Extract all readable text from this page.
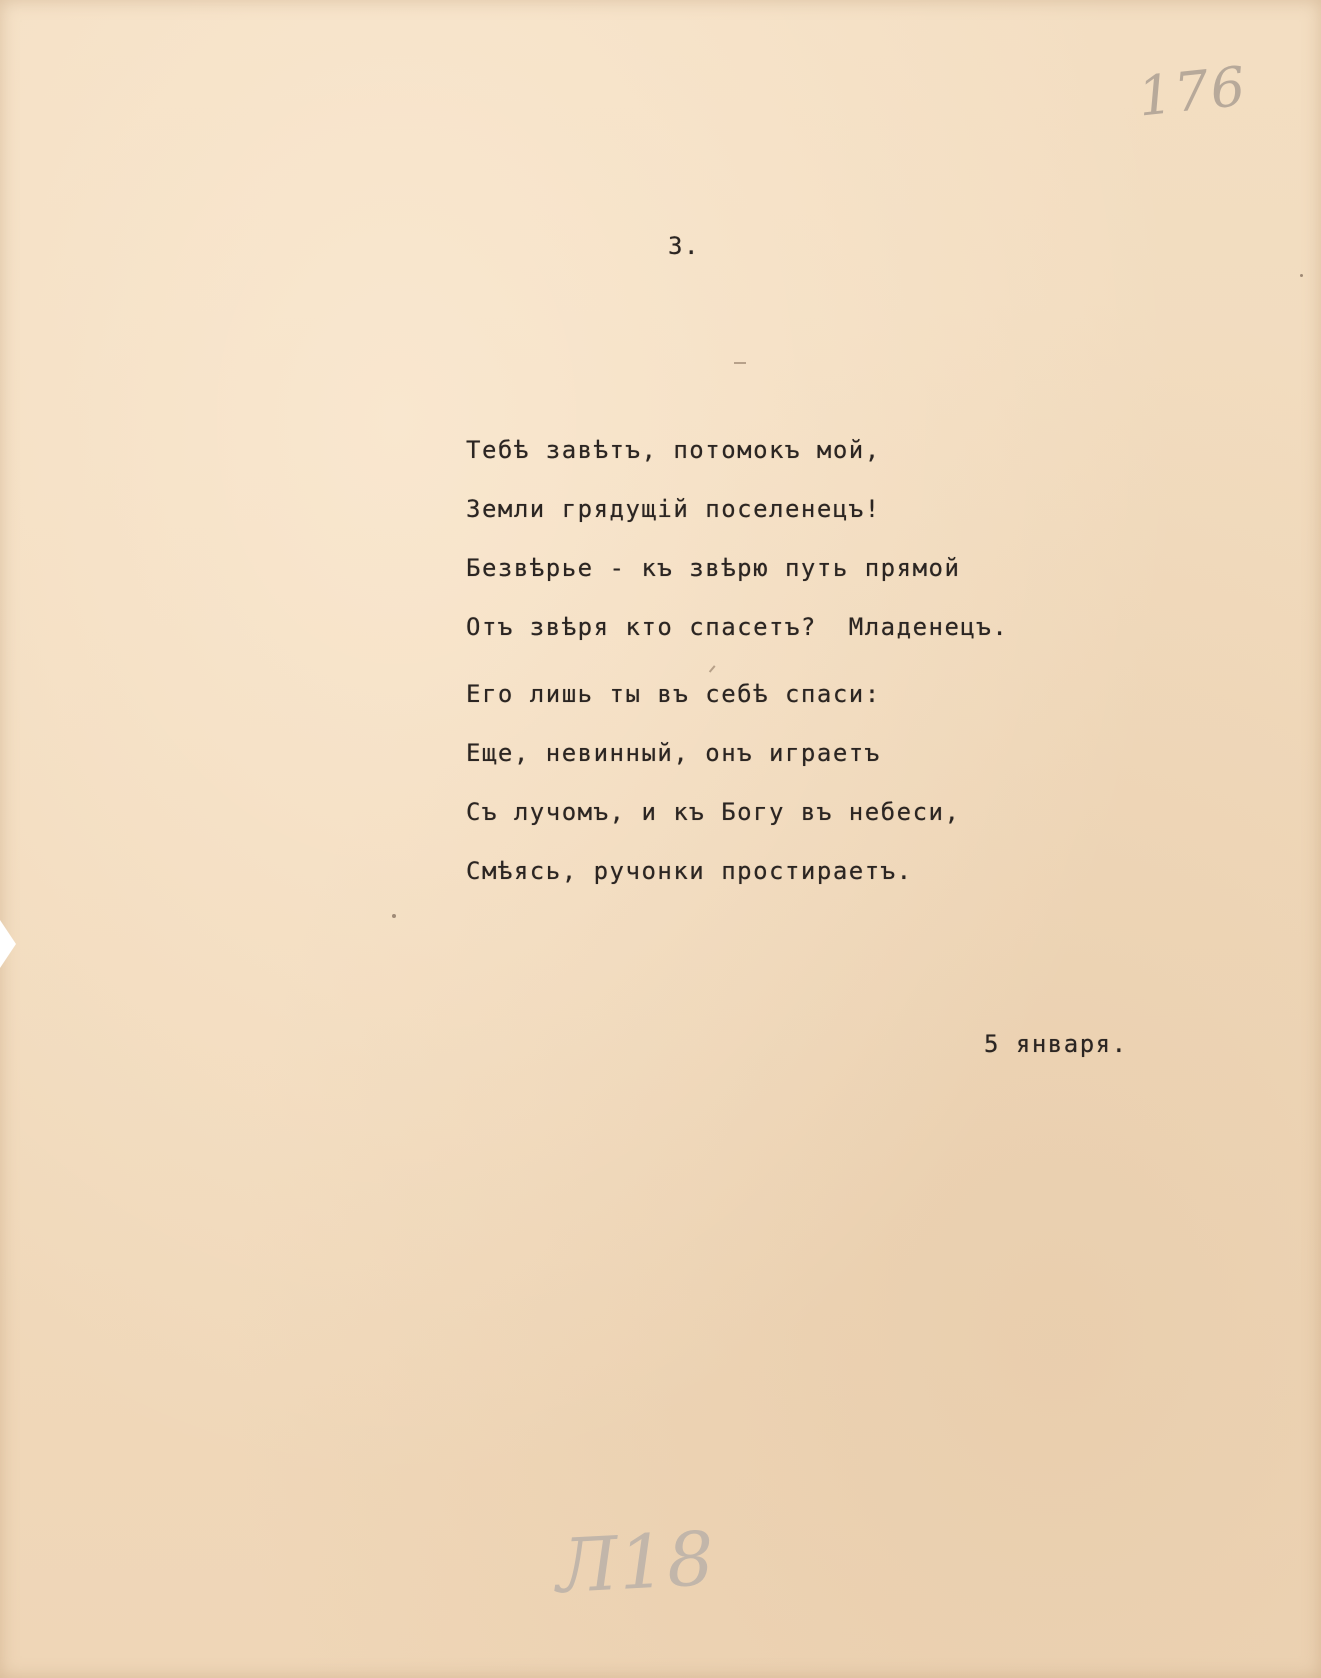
176
3.
Тебѣ завѣтъ, потомокъ мой,
Земли грядущій поселенецъ!
Безвѣрье - къ звѣрю путь прямой
Отъ звѣря кто спасетъ?  Младенецъ.
Его лишь ты въ себѣ спаси:
Еще, невинный, онъ играетъ
Съ лучомъ, и къ Богу въ небеси,
Смѣясь, ручонки простираетъ.
5 января.
Л18
